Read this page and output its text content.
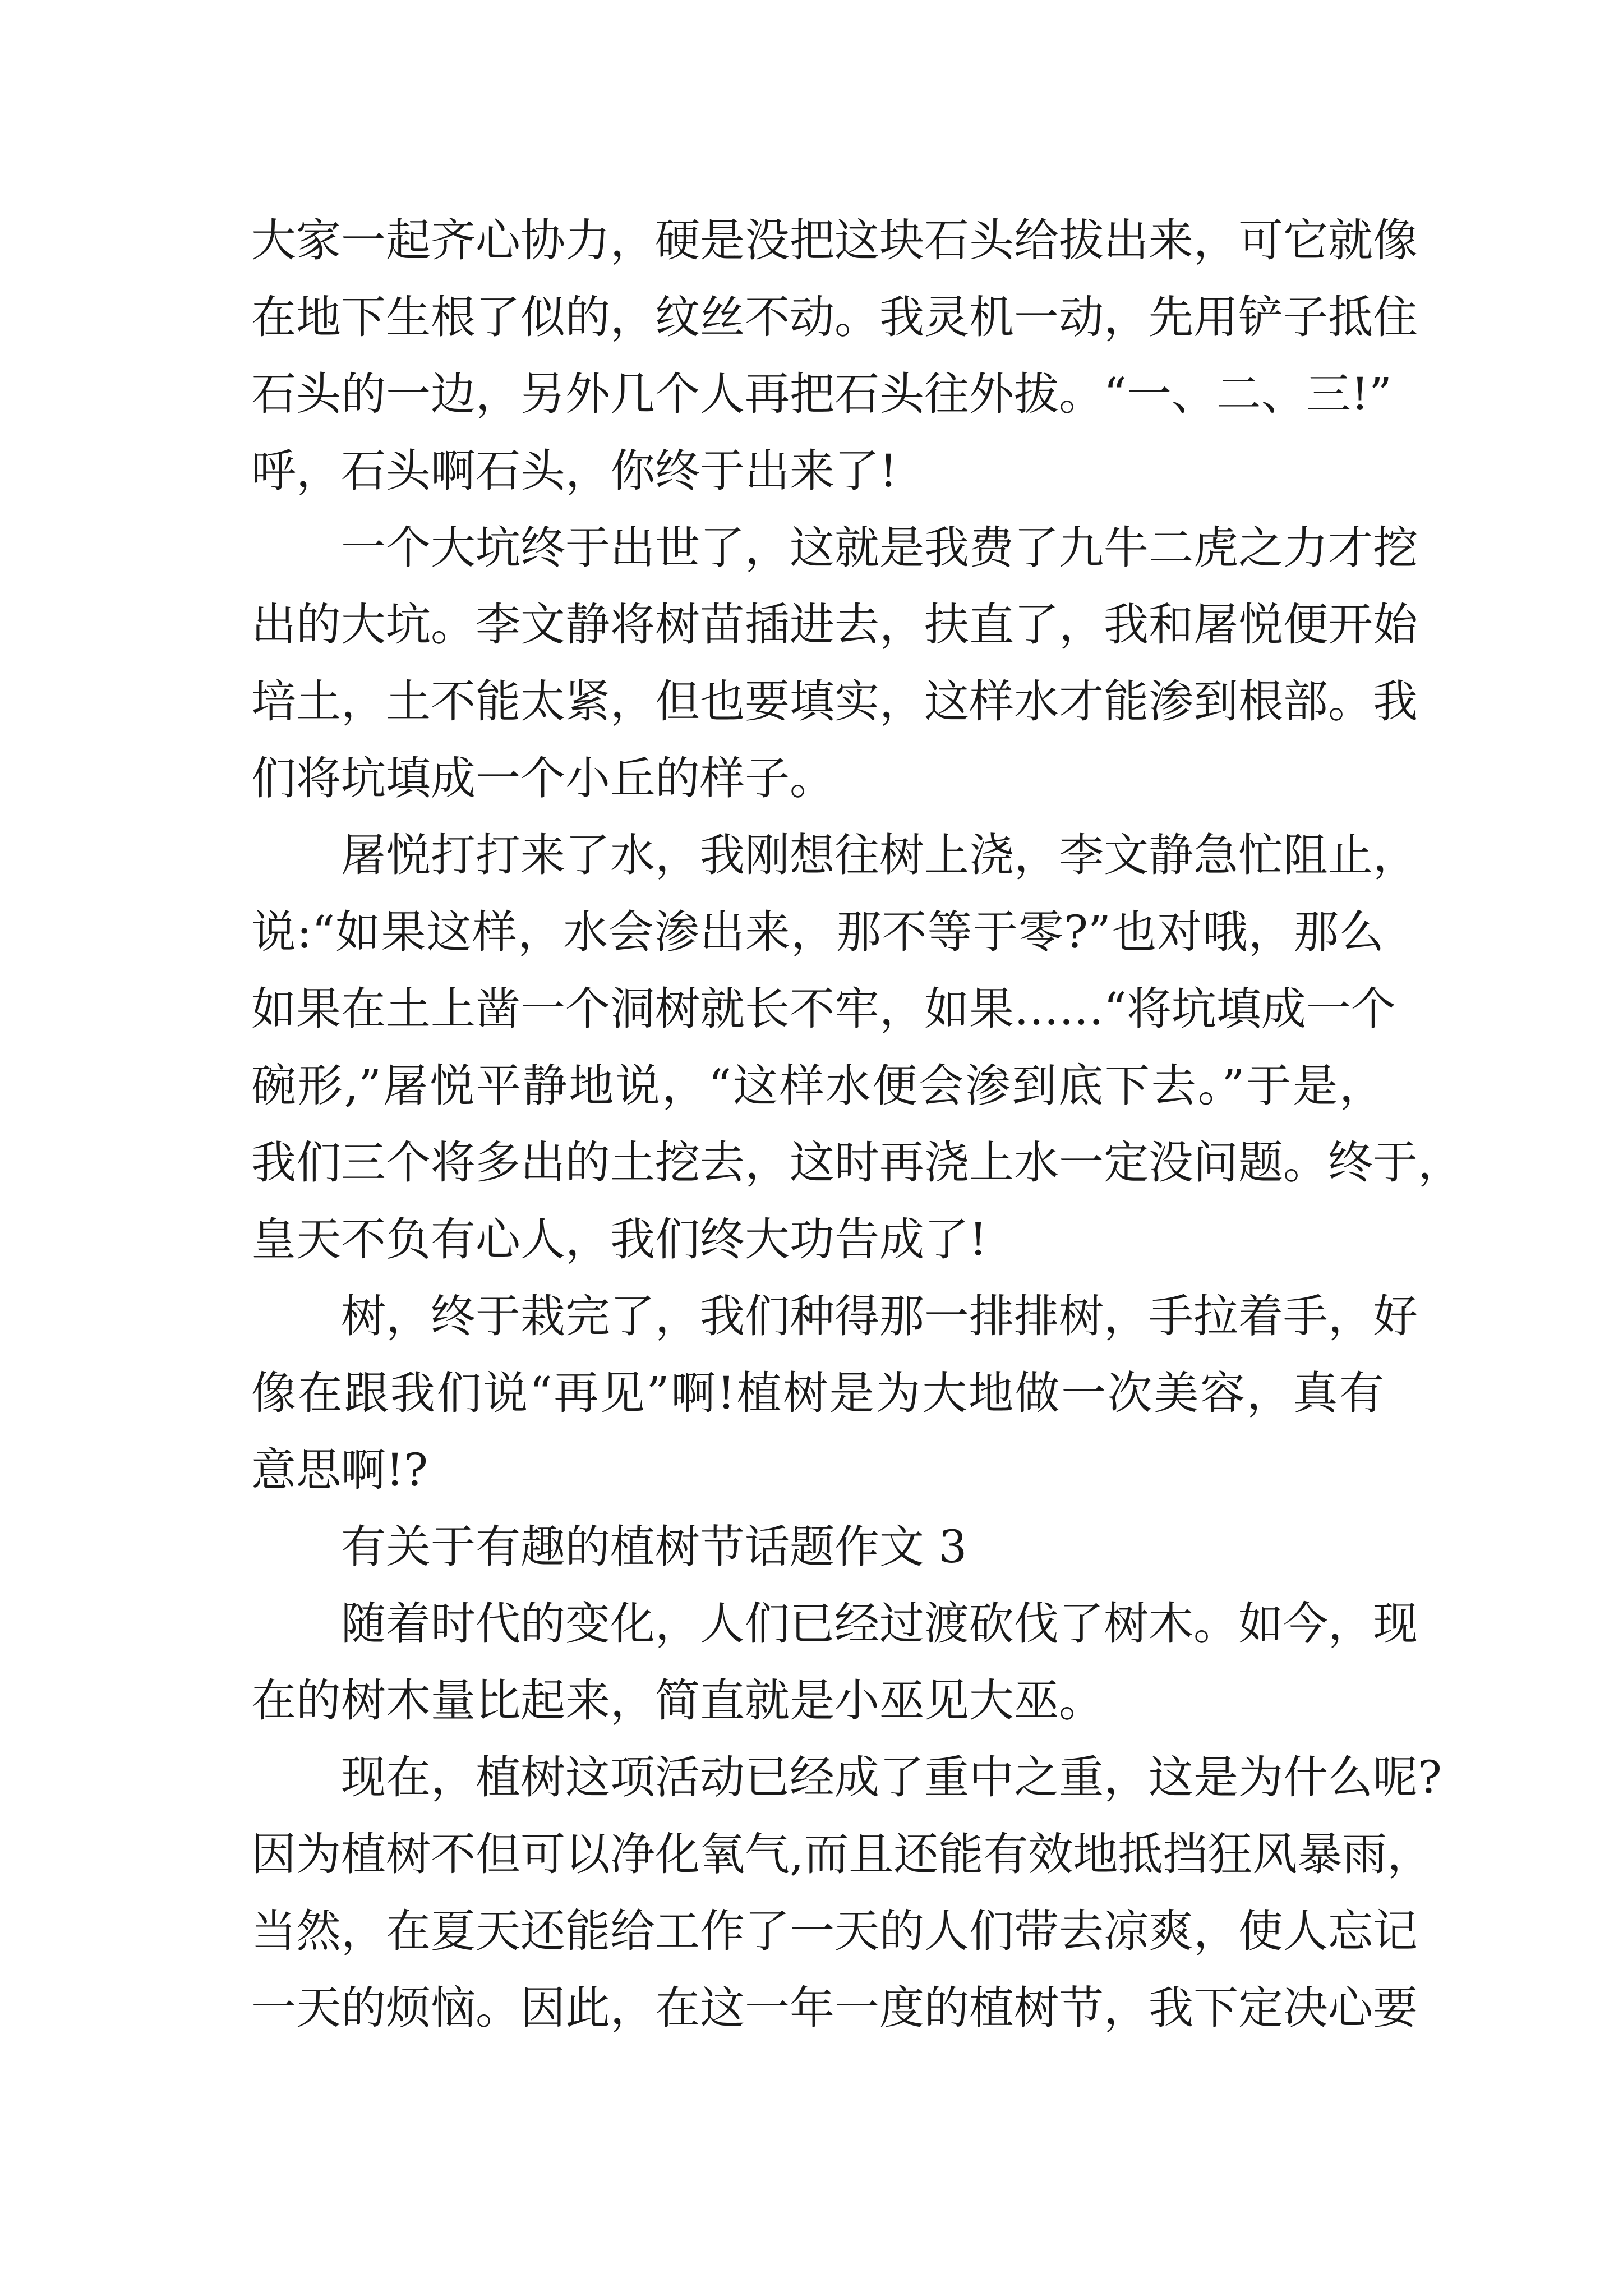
大家一起齐心协力，硬是没把这块石头给拔出来，可它就像
在地下生根了似的，纹丝不动。我灵机一动，先用铲子抵住
石头的一边，另外几个人再把石头往外拔。“一、二、三!”
呼，石头啊石头，你终于出来了!
一个大坑终于出世了，这就是我费了九牛二虎之力才挖
出的大坑。李文静将树苗插进去，扶直了，我和屠悦便开始
培土，土不能太紧，但也要填实，这样水才能渗到根部。我
们将坑填成一个小丘的样子。
屠悦打打来了水，我刚想往树上浇，李文静急忙阻止，
说:“如果这样，水会渗出来，那不等于零?”也对哦，那么
如果在土上凿一个洞树就长不牢，如果……“将坑填成一个
碗形,”屠悦平静地说，“这样水便会渗到底下去。”于是，
我们三个将多出的土挖去，这时再浇上水一定没问题。终于，
皇天不负有心人，我们终大功告成了!
树，终于栽完了，我们种得那一排排树，手拉着手，好
像在跟我们说“再见”啊!植树是为大地做一次美容，真有
意思啊!?
有关于有趣的植树节话题作文 3
随着时代的变化，人们已经过渡砍伐了树木。如今，现
在的树木量比起来，简直就是小巫见大巫。
现在，植树这项活动已经成了重中之重，这是为什么呢?
因为植树不但可以净化氧气,而且还能有效地抵挡狂风暴雨，
当然，在夏天还能给工作了一天的人们带去凉爽，使人忘记
一天的烦恼。因此，在这一年一度的植树节，我下定决心要
